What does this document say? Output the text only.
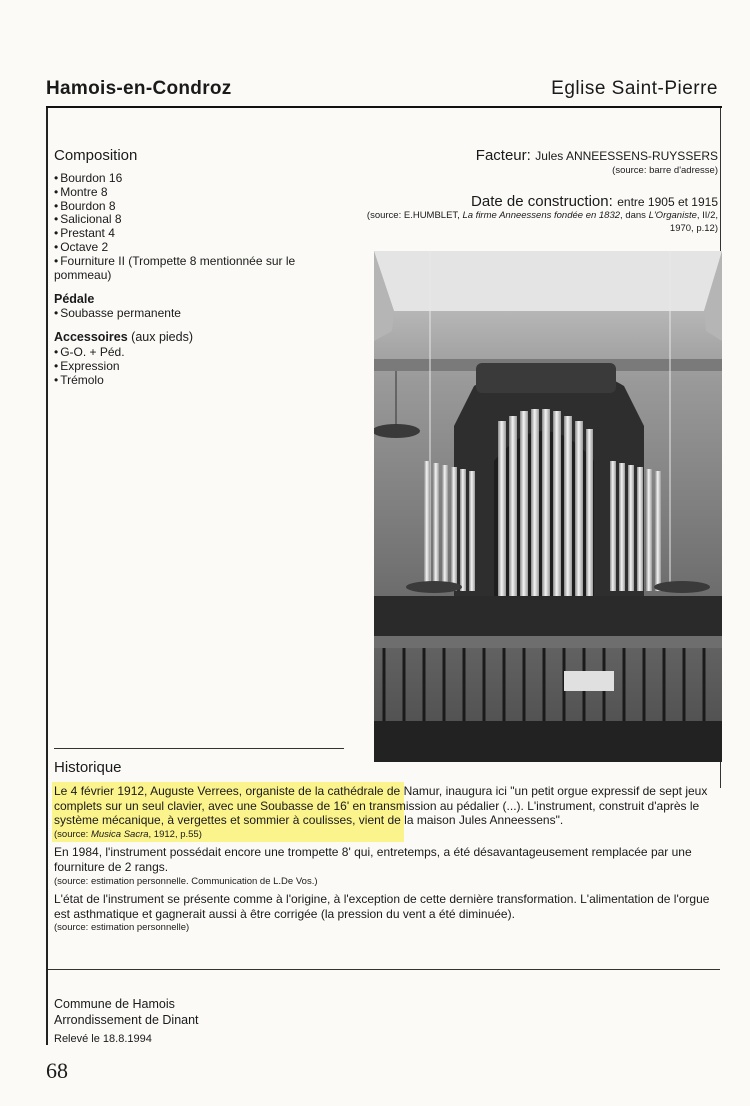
Hamois-en-Condroz	Eglise Saint-Pierre
Composition
• Bourdon 16
• Montre 8
• Bourdon 8
• Salicional 8
• Prestant 4
• Octave 2
• Fourniture II (Trompette 8 mentionnée sur le pommeau)
Pédale
• Soubasse permanente
Accessoires (aux pieds)
• G-O. + Péd.
• Expression
• Trémolo
Facteur: Jules ANNEESSENS-RUYSSERS
(source: barre d'adresse)
Date de construction: entre 1905 et 1915
(source: E.HUMBLET, La firme Anneessens fondée en 1832, dans L'Organiste, II/2, 1970, p.12)
Historique

Le 4 février 1912, Auguste Verrees, organiste de la cathédrale de Namur, inaugura ici "un petit orgue expressif de sept jeux complets sur un seul clavier, avec une Soubasse de 16' en transmission au pédalier (...). L'instrument, construit d'après le système mécanique, à vergettes et sommier à coulisses, vient de la maison Jules Anneessens".
(source: Musica Sacra, 1912, p.55)

En 1984, l'instrument possédait encore une trompette 8' qui, entretemps, a été désavantageusement remplacée par une fourniture de 2 rangs.
(source: estimation personnelle. Communication de L.De Vos.)

L'état de l'instrument se présente comme à l'origine, à l'exception de cette dernière transformation. L'alimentation de l'orgue est asthmatique et gagnerait aussi à être corrigée (la pression du vent a été diminuée).
(source: estimation personnelle)

Commune de Hamois
Arrondissement de Dinant
Relevé le 18.8.1994
68
